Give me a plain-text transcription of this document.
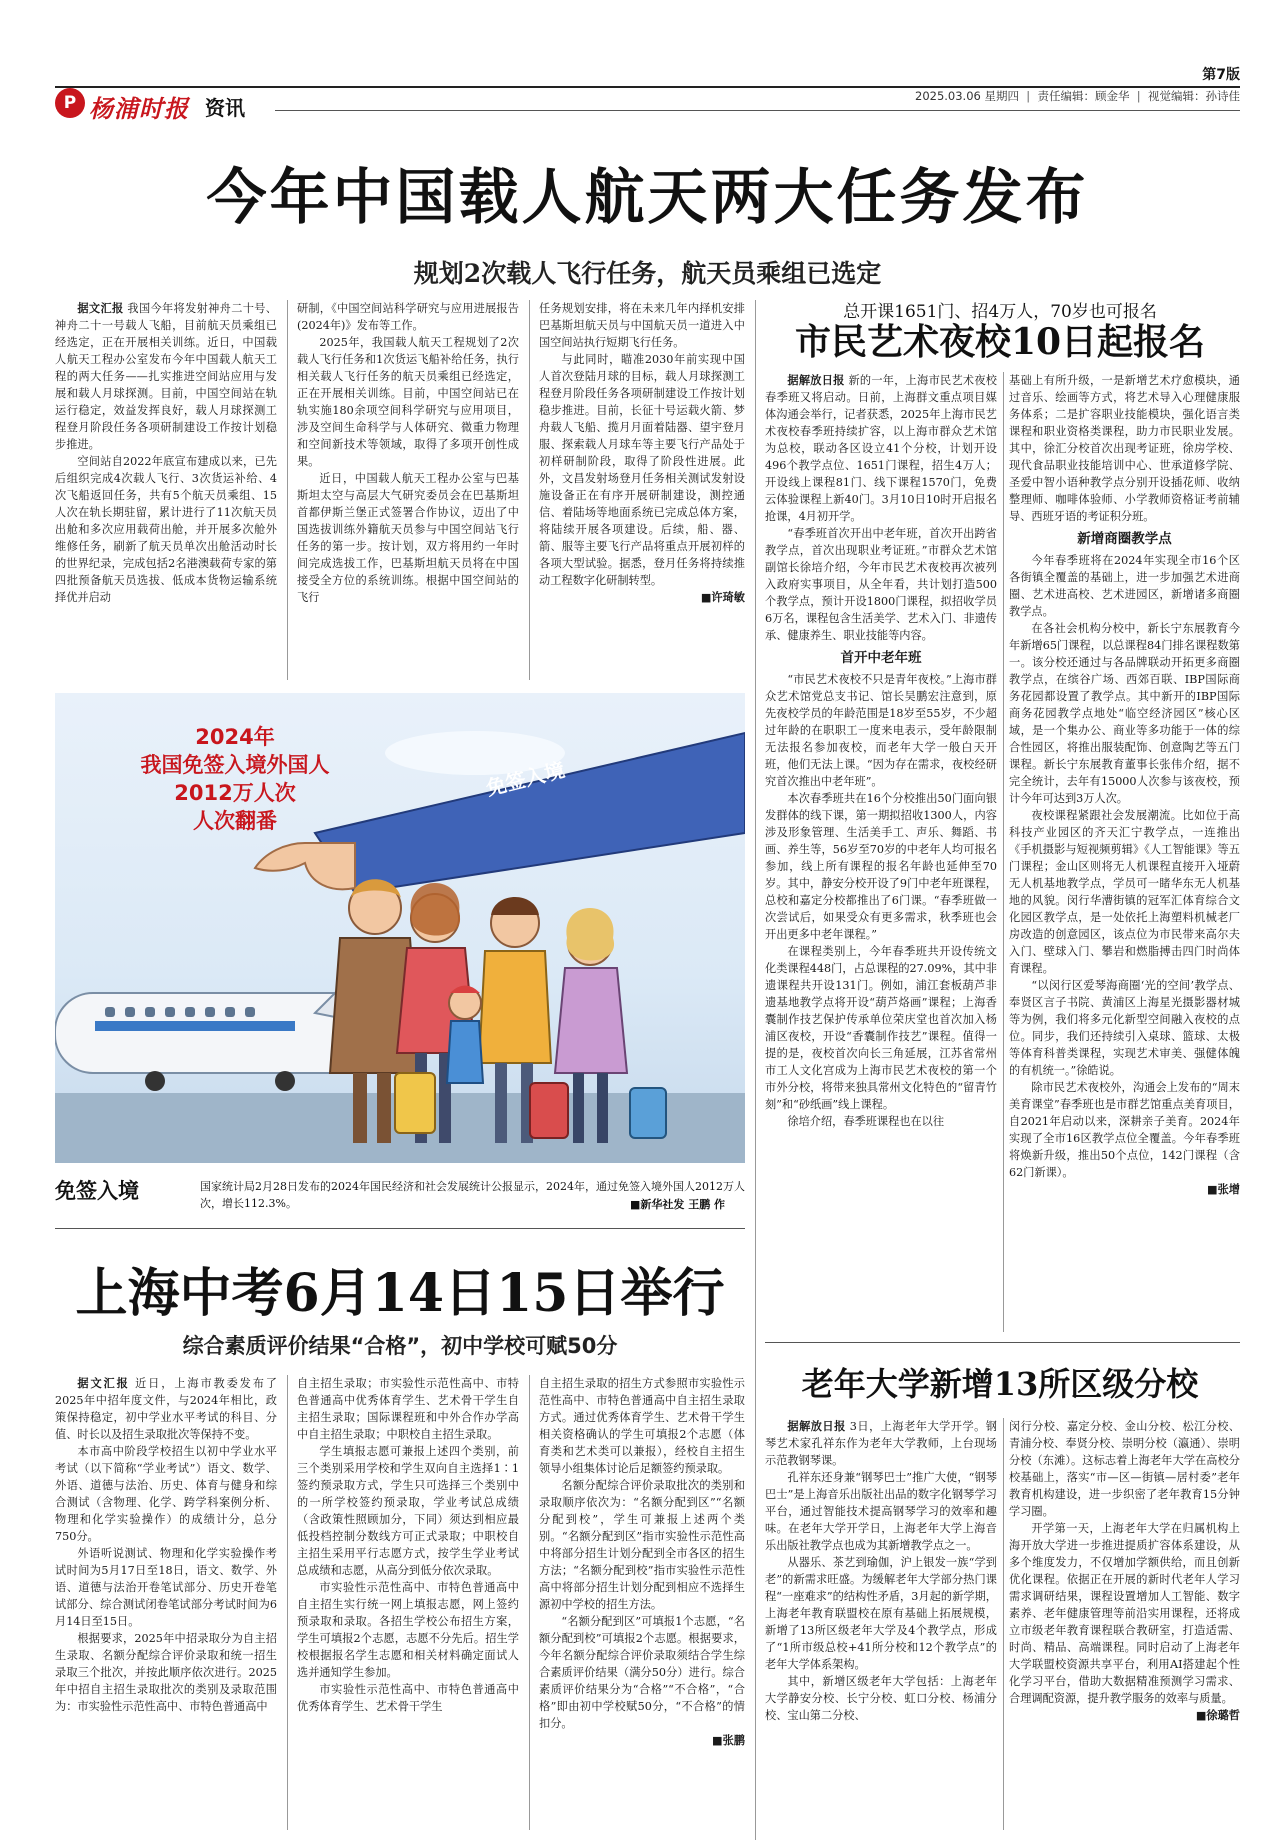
第7版
P 杨浦时报 资讯	2025.03.06 星期四 | 责任编辑：顾金华 | 视觉编辑：孙诗佳
今年中国载人航天两大任务发布
规划2次载人飞行任务，航天员乘组已选定

据文汇报 我国今年将发射神舟二十号、神舟二十一号载人飞船，目前航天员乘组已经选定，正在开展相关训练。近日，中国载人航天工程办公室发布今年中国载人航天工程的两大任务——扎实推进空间站应用与发展和载人月球探测。目前，中国空间站在轨运行稳定，效益发挥良好，载人月球探测工程登月阶段任务各项研制建设工作按计划稳步推进。

空间站自2022年底宣布建成以来，已先后组织完成4次载人飞行、3次货运补给、4次飞船返回任务，共有5个航天员乘组、15人次在轨长期驻留，累计进行了11次航天员出舱和多次应用载荷出舱，并开展多次舱外维修任务，刷新了航天员单次出舱活动时长的世界纪录，完成包括2名港澳载荷专家的第四批预备航天员选拔、低成本货物运输系统择优并启动

研制，《中国空间站科学研究与应用进展报告(2024年)》发布等工作。

2025年，我国载人航天工程规划了2次载人飞行任务和1次货运飞船补给任务，执行相关载人飞行任务的航天员乘组已经选定，正在开展相关训练。目前，中国空间站已在轨实施180余项空间科学研究与应用项目，涉及空间生命科学与人体研究、微重力物理和空间新技术等领域，取得了多项开创性成果。

近日，中国载人航天工程办公室与巴基斯坦太空与高层大气研究委员会在巴基斯坦首都伊斯兰堡正式签署合作协议，迈出了中国选拔训练外籍航天员参与中国空间站飞行任务的第一步。按计划，双方将用约一年时间完成选拔工作，巴基斯坦航天员将在中国接受全方位的系统训练。根据中国空间站的飞行

任务规划安排，将在未来几年内择机安排巴基斯坦航天员与中国航天员一道进入中国空间站执行短期飞行任务。

与此同时，瞄准2030年前实现中国人首次登陆月球的目标，载人月球探测工程登月阶段任务各项研制建设工作按计划稳步推进。目前，长征十号运载火箭、梦舟载人飞船、揽月月面着陆器、望宇登月服、探索载人月球车等主要飞行产品处于初样研制阶段，取得了阶段性进展。此外，文昌发射场登月任务相关测试发射设施设备正在有序开展研制建设，测控通信、着陆场等地面系统已完成总体方案，将陆续开展各项建设。后续，船、器、箭、服等主要飞行产品将重点开展初样的各项大型试验。据悉，登月任务将持续推动工程数字化研制转型。

■许琦敏
2024年
我国免签入境外国人
2012万人次
人次翻番
免签入境
免签入境	国家统计局2月28日发布的2024年国民经济和社会发展统计公报显示，2024年，通过免签入境外国人2012万人次，增长112.3%。	■新华社发 王鹏 作
上海中考6月14日15日举行
综合素质评价结果“合格”，初中学校可赋50分

据文汇报 近日，上海市教委发布了2025年中招年度文件，与2024年相比，政策保持稳定，初中学业水平考试的科目、分值、时长以及招生录取批次等保持不变。

本市高中阶段学校招生以初中学业水平考试（以下简称“学业考试”）语文、数学、外语、道德与法治、历史、体育与健身和综合测试（含物理、化学、跨学科案例分析、物理和化学实验操作）的成绩计分，总分750分。

外语听说测试、物理和化学实验操作考试时间为5月17日至18日，语文、数学、外语、道德与法治开卷笔试部分、历史开卷笔试部分、综合测试闭卷笔试部分考试时间为6月14日至15日。

根据要求，2025年中招录取分为自主招生录取、名额分配综合评价录取和统一招生录取三个批次，并按此顺序依次进行。2025年中招自主招生录取批次的类别及录取范围为：市实验性示范性高中、市特色普通高中

自主招生录取；市实验性示范性高中、市特色普通高中优秀体育学生、艺术骨干学生自主招生录取；国际课程班和中外合作办学高中自主招生录取；中职校自主招生录取。

学生填报志愿可兼报上述四个类别，前三个类别采用学校和学生双向自主选择1∶1签约预录取方式，学生只可选择三个类别中的一所学校签约预录取，学业考试总成绩（含政策性照顾加分，下同）须达到相应最低投档控制分数线方可正式录取；中职校自主招生采用平行志愿方式，按学生学业考试总成绩和志愿，从高分到低分依次录取。

市实验性示范性高中、市特色普通高中自主招生实行统一网上填报志愿，网上签约预录取和录取。各招生学校公布招生方案，学生可填报2个志愿，志愿不分先后。招生学校根据报名学生志愿和相关材料确定面试人选并通知学生参加。

市实验性示范性高中、市特色普通高中优秀体育学生、艺术骨干学生

自主招生录取的招生方式参照市实验性示范性高中、市特色普通高中自主招生录取方式。通过优秀体育学生、艺术骨干学生相关资格确认的学生可填报2个志愿（体育类和艺术类可以兼报），经校自主招生领导小组集体讨论后足额签约预录取。

名额分配综合评价录取批次的类别和录取顺序依次为：“名额分配到区”“名额分配到校”，学生可兼报上述两个类别。“名额分配到区”指市实验性示范性高中将部分招生计划分配到全市各区的招生方法；“名额分配到校”指市实验性示范性高中将部分招生计划分配到相应不选择生源初中学校的招生方法。

“名额分配到区”可填报1个志愿，“名额分配到校”可填报2个志愿。根据要求，今年名额分配综合评价录取须结合学生综合素质评价结果（满分50分）进行。综合素质评价结果分为“合格”“不合格”，“合格”即由初中学校赋50分，“不合格”的情扣分。

■张鹏
总开课1651门、招4万人，70岁也可报名
市民艺术夜校10日起报名

据解放日报 新的一年，上海市民艺术夜校春季班又将启动。日前，上海群文重点项目媒体沟通会举行，记者获悉，2025年上海市民艺术夜校春季班持续扩容，以上海市群众艺术馆为总校，联动各区设立41个分校，计划开设496个教学点位、1651门课程，招生4万人；开设线上课程81门、线下课程1570门，免费云体验课程上新40门。3月10日10时开启报名抢课，4月初开学。

“春季班首次开出中老年班，首次开出跨省教学点，首次出现职业考证班。”市群众艺术馆副馆长徐培介绍，今年市民艺术夜校再次被列入政府实事项目，从全年看，共计划打造500个教学点，预计开设1800门课程，拟招收学员6万名，课程包含生活美学、艺术入门、非遗传承、健康养生、职业技能等内容。

首开中老年班

“市民艺术夜校不只是青年夜校。”上海市群众艺术馆党总支书记、馆长吴鹏宏注意到，原先夜校学员的年龄范围是18岁至55岁，不少超过年龄的在职职工一度来电表示，受年龄限制无法报名参加夜校，而老年大学一般白天开班，他们无法上课。“因为存在需求，夜校经研究首次推出中老年班”。

本次春季班共在16个分校推出50门面向银发群体的线下课，第一期拟招收1300人，内容涉及形象管理、生活美手工、声乐、舞蹈、书画、养生等，56岁至70岁的中老年人均可报名参加，线上所有课程的报名年龄也延伸至70岁。其中，静安分校开设了9门中老年班课程，总校和嘉定分校都推出了6门课。“春季班做一次尝试后，如果受众有更多需求，秋季班也会开出更多中老年课程。”

在课程类别上，今年春季班共开设传统文化类课程448门，占总课程的27.09%，其中非遗课程共开设131门。例如，浦江套板葫芦非遗基地教学点将开设“葫芦烙画”课程；上海香囊制作技艺保护传承单位荣庆堂也首次加入杨浦区夜校，开设“香囊制作技艺”课程。值得一提的是，夜校首次向长三角延展，江苏省常州市工人文化宫成为上海市民艺术夜校的第一个市外分校，将带来独具常州文化特色的“留青竹刻”和“砂纸画”线上课程。

徐培介绍，春季班课程也在以往

基础上有所升级，一是新增艺术疗愈模块，通过音乐、绘画等方式，将艺术导入心理健康服务体系；二是扩容职业技能模块，强化语言类课程和职业资格类课程，助力市民职业发展。其中，徐汇分校首次出现考证班，徐房学校、现代食品职业技能培训中心、世承道修学院、圣爱中智小语种教学点分别开设插花师、收纳整理师、咖啡体验师、小学教师资格证考前辅导、西班牙语的考证积分班。

新增商圈教学点

今年春季班将在2024年实现全市16个区各街镇全覆盖的基础上，进一步加强艺术进商圈、艺术进高校、艺术进园区，新增诸多商圈教学点。

在各社会机构分校中，新长宁东展教育今年新增65门课程，以总课程84门排名课程数第一。该分校还通过与各品牌联动开拓更多商圈教学点，在缤谷广场、西郊百联、IBP国际商务花园都设置了教学点。其中新开的IBP国际商务花园教学点地处“临空经济园区”核心区域，是一个集办公、商业等多功能于一体的综合性园区，将推出服装配饰、创意陶艺等五门课程。新长宁东展教育董事长张伟介绍，据不完全统计，去年有15000人次参与该夜校，预计今年可达到3万人次。

夜校课程紧跟社会发展潮流。比如位于高科技产业园区的齐天汇宁教学点，一连推出《手机摄影与短视频剪辑》《人工智能课》等五门课程；金山区则将无人机课程直接开入垭蔚无人机基地教学点，学员可一睹华东无人机基地的风貌。闵行华漕街镇的冠军汇体育综合文化园区教学点，是一处依托上海塑料机械老厂房改造的创意园区，该点位为市民带来高尔夫入门、壁球入门、攀岩和燃脂搏击四门时尚体育课程。

“以闵行区爱琴海商圈‘光的空间’教学点、奉贤区言子书院、黄浦区上海星光摄影器材城等为例，我们将多元化新型空间融入夜校的点位。同步，我们还持续引入桌球、篮球、太极等体育科普类课程，实现艺术审美、强健体魄的有机统一。”徐皓说。

除市民艺术夜校外，沟通会上发布的“周末美育课堂”春季班也是市群艺馆重点美育项目，自2021年启动以来，深耕亲子美育。2024年实现了全市16区教学点位全覆盖。今年春季班将焕新升级，推出50个点位，142门课程（含62门新课）。

■张增
老年大学新增13所区级分校

据解放日报 3日，上海老年大学开学。钢琴艺术家孔祥东作为老年大学教师，上台现场示范教钢琴课。

孔祥东还身兼“钢琴巴士”推广大使，“钢琴巴士”是上海音乐出版社出品的数字化钢琴学习平台，通过智能技术提高钢琴学习的效率和趣味。在老年大学开学日，上海老年大学上海音乐出版社教学点也成为其新增教学点之一。

从器乐、茶艺到瑜伽，沪上银发一族“学到老”的新需求旺盛。为缓解老年大学部分热门课程“一座难求”的结构性矛盾，3月起的新学期，上海老年教育联盟校在原有基础上拓展规模，新增了13所区级老年大学及4个教学点，形成了“1所市级总校+41所分校和12个教学点”的老年大学体系架构。

其中，新增区级老年大学包括：上海老年大学静安分校、长宁分校、虹口分校、杨浦分校、宝山第二分校、

闵行分校、嘉定分校、金山分校、松江分校、青浦分校、奉贤分校、崇明分校（瀛通）、崇明分校（东滩）。这标志着上海老年大学在高校分校基础上，落实“市—区—街镇—居村委”老年教育机构建设，进一步织密了老年教育15分钟学习圈。

开学第一天，上海老年大学在归属机构上海开放大学进一步推进提质扩容体系建设，从多个维度发力，不仅增加学额供给，而且创新优化课程。依据正在开展的新时代老年人学习需求调研结果，课程设置增加人工智能、数字素养、老年健康管理等前沿实用课程，还将成立市级老年教育课程联合教研室，打造适需、时尚、精品、高端课程。同时启动了上海老年大学联盟校资源共享平台，利用AI搭建起个性化学习平台，借助大数据精准预测学习需求、合理调配资源，提升教学服务的效率与质量。

■徐璐哲
